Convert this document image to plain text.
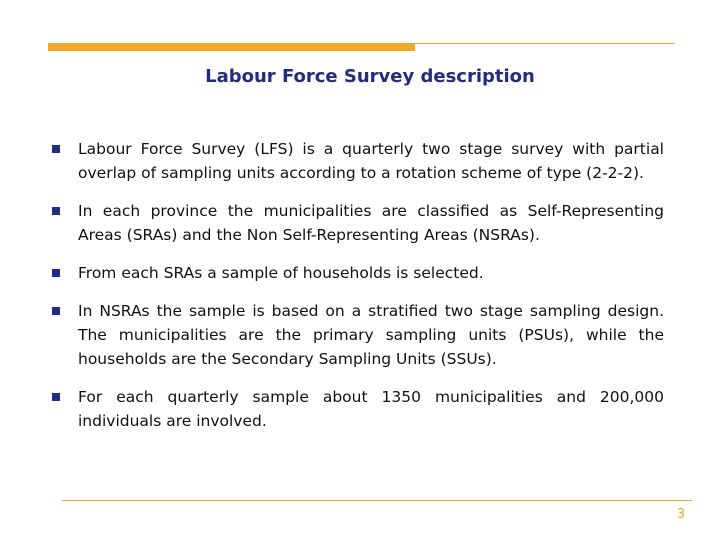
Labour Force Survey description
Labour Force Survey (LFS) is a quarterly two stage survey with partial overlap of sampling units according to a rotation scheme of type (2-2-2).
In each province the municipalities are classified as Self-Representing Areas (SRAs) and the Non Self-Representing Areas (NSRAs).
From each SRAs a sample of households is selected.
In NSRAs the sample is based on a stratified two stage sampling design. The municipalities are the primary sampling units (PSUs), while the households are the Secondary Sampling Units (SSUs).
For each quarterly sample about 1350 municipalities and 200,000 individuals are involved.
3
